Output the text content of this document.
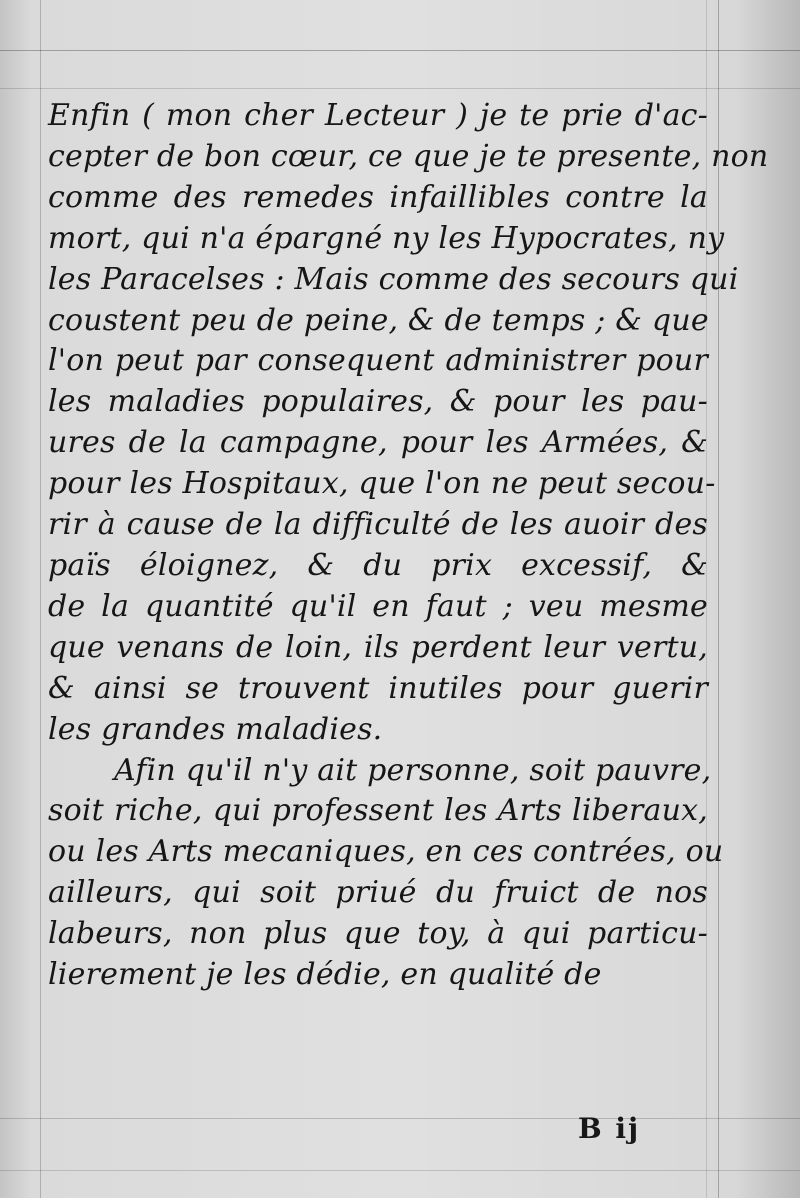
Enfin ( mon cher Lecteur ) je te prie d'ac-
cepter de bon cœur, ce que je te presente, non
comme des remedes infaillibles contre la
mort, qui n'a épargné ny les Hypocrates, ny
les Paracelses : Mais comme des secours qui
coustent peu de peine, & de temps ; & que
l'on peut par consequent administrer pour
les maladies populaires, & pour les pau-
ures de la campagne, pour les Armées, &
pour les Hospitaux, que l'on ne peut secou-
rir à cause de la difficulté de les auoir des
païs éloignez, & du prix excessif, &
de la quantité qu'il en faut ; veu mesme
que venans de loin, ils perdent leur vertu,
& ainsi se trouvent inutiles pour guerir
les grandes maladies.
Afin qu'il n'y ait personne, soit pauvre,
soit riche, qui professent les Arts liberaux,
ou les Arts mecaniques, en ces contrées, ou
ailleurs, qui soit priué du fruict de nos
labeurs, non plus que toy, à qui particu-
lierement je les dédie, en qualité de
B ij
